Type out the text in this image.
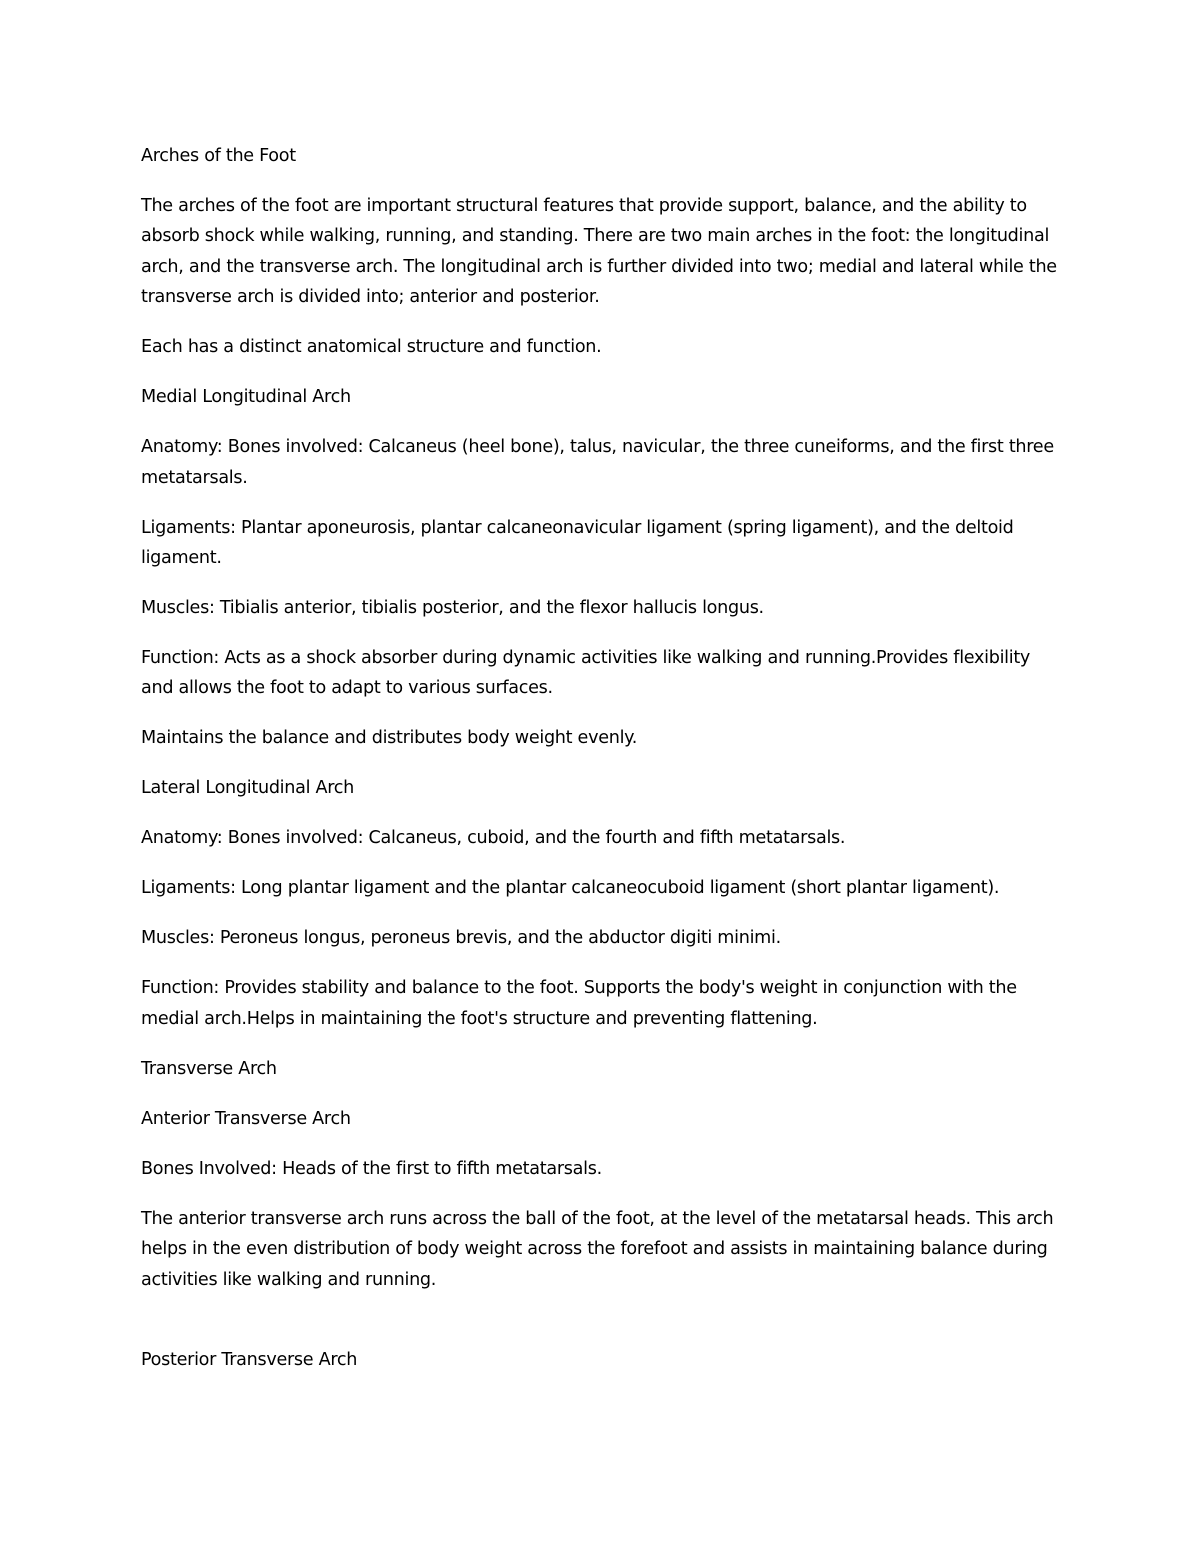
Arches of the Foot

The arches of the foot are important structural features that provide support, balance, and the ability to absorb shock while walking, running, and standing. There are two main arches in the foot: the longitudinal arch, and the transverse arch. The longitudinal arch is further divided into two; medial and lateral while the transverse arch is divided into; anterior and posterior.

Each has a distinct anatomical structure and function.

Medial Longitudinal Arch

Anatomy: Bones involved: Calcaneus (heel bone), talus, navicular, the three cuneiforms, and the first three metatarsals.

Ligaments: Plantar aponeurosis, plantar calcaneonavicular ligament (spring ligament), and the deltoid ligament.

Muscles: Tibialis anterior, tibialis posterior, and the flexor hallucis longus.

Function: Acts as a shock absorber during dynamic activities like walking and running.Provides flexibility and allows the foot to adapt to various surfaces.

Maintains the balance and distributes body weight evenly.

Lateral Longitudinal Arch

Anatomy: Bones involved: Calcaneus, cuboid, and the fourth and fifth metatarsals.

Ligaments: Long plantar ligament and the plantar calcaneocuboid ligament (short plantar ligament).

Muscles: Peroneus longus, peroneus brevis, and the abductor digiti minimi.

Function: Provides stability and balance to the foot. Supports the body's weight in conjunction with the medial arch.Helps in maintaining the foot's structure and preventing flattening.

Transverse Arch

Anterior Transverse Arch

Bones Involved: Heads of the first to fifth metatarsals.

The anterior transverse arch runs across the ball of the foot, at the level of the metatarsal heads. This arch helps in the even distribution of body weight across the forefoot and assists in maintaining balance during activities like walking and running.

Posterior Transverse Arch
